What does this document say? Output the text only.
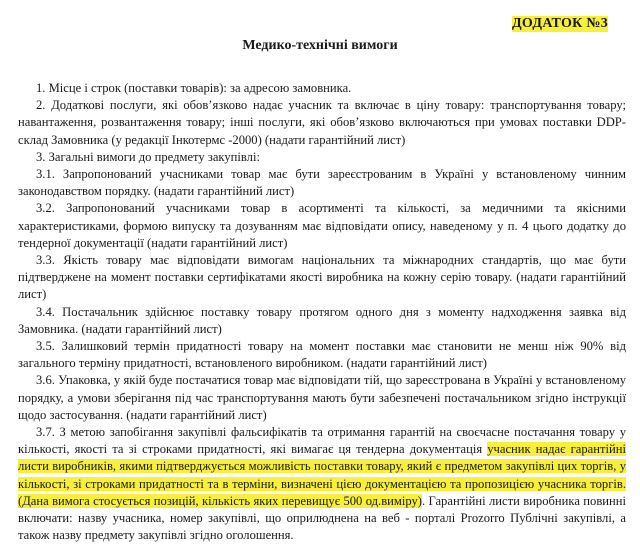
ДОДАТОК №3
Медико-технічні вимоги

1. Місце і строк (поставки товарів): за адресою замовника.

2. Додаткові послуги, які обов’язково надає учасник та включає в ціну товару: транспортування товару; навантаження, розвантаження товару; інші послуги, які обов’язково включаються при умовах поставки DDP-склад Замовника (у редакції Інкотермс -2000) (надати гарантійний лист)

3. Загальні вимоги до предмету закупівлі:

3.1. Запропонований учасниками товар має бути зареєстрованим в Україні у встановленому чинним законодавством порядку. (надати гарантійний лист)

3.2. Запропонований учасниками товар в асортименті та кількості, за медичними та якісними характеристиками, формою випуску та дозуванням має відповідати опису, наведеному у п. 4 цього додатку до тендерної документації (надати гарантійний лист)

3.3. Якість товару має відповідати вимогам національних та міжнародних стандартів, що має бути підтверджене на момент поставки сертифікатами якості виробника на кожну серію товару. (надати гарантійний лист)

3.4. Постачальник здійснює поставку товару протягом одного дня з моменту надходження заявка від Замовника. (надати гарантійний лист)

3.5. Залишковий термін придатності товару на момент поставки має становити не менш ніж 90% від загального терміну придатності, встановленого виробником. (надати гарантійний лист)

3.6. Упаковка, у якій буде постачатися товар має відповідати тій, що зареєстрована в Україні у встановленому порядку, а умови зберігання під час транспортування мають бути забезпечені постачальником згідно інструкції щодо застосування. (надати гарантійний лист)

3.7. З метою запобігання закупівлі фальсифікатів та отримання гарантій на своєчасне постачання товару у кількості, якості та зі строками придатності, які вимагає ця тендерна документація учасник надає гарантійні листи виробників, якими підтверджується можливість поставки товару, який є предметом закупівлі цих торгів, у кількості, зі строками придатності та в терміни, визначені цією документацією та пропозицією учасника торгів. (Дана вимога стосується позицій, кількість яких перевищує 500 од.виміру). Гарантійні листи виробника повинні включати: назву учасника, номер закупівлі, що оприлюднена на веб - порталі Prozorro Публічні закупівлі, а також назву предмету закупівлі згідно оголошення.
